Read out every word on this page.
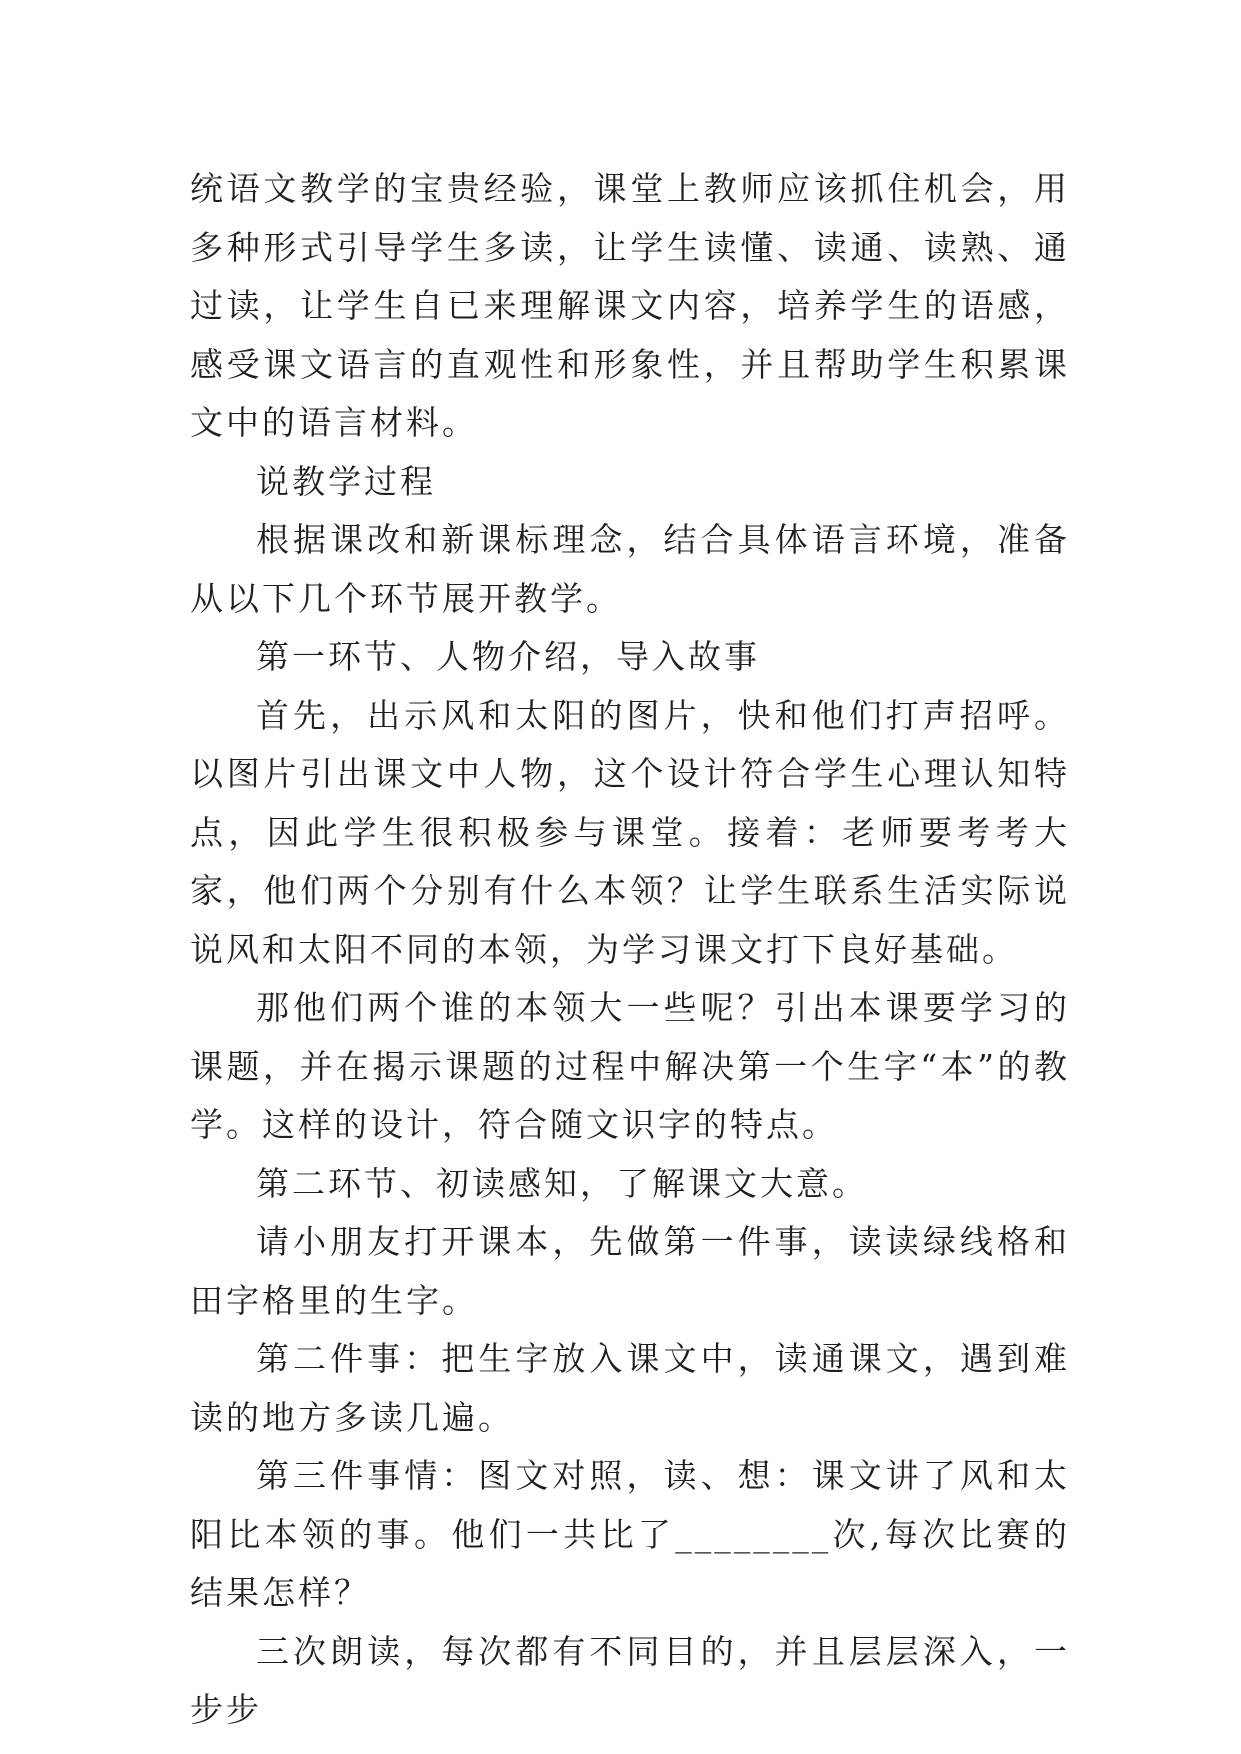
统语文教学的宝贵经验，课堂上教师应该抓住机会，用多种形式引导学生多读，让学生读懂、读通、读熟、通过读，让学生自已来理解课文内容，培养学生的语感，感受课文语言的直观性和形象性，并且帮助学生积累课文中的语言材料。

说教学过程

根据课改和新课标理念，结合具体语言环境，准备从以下几个环节展开教学。

第一环节、人物介绍，导入故事

首先，出示风和太阳的图片，快和他们打声招呼。以图片引出课文中人物，这个设计符合学生心理认知特点，因此学生很积极参与课堂。接着：老师要考考大家，他们两个分别有什么本领？让学生联系生活实际说说风和太阳不同的本领，为学习课文打下良好基础。

那他们两个谁的本领大一些呢？引出本课要学习的课题，并在揭示课题的过程中解决第一个生字“本”的教学。这样的设计，符合随文识字的特点。

第二环节、初读感知，了解课文大意。

请小朋友打开课本，先做第一件事，读读绿线格和田字格里的生字。

第二件事：把生字放入课文中，读通课文，遇到难读的地方多读几遍。

第三件事情：图文对照，读、想：课文讲了风和太阳比本领的事。他们一共比了________次,每次比赛的结果怎样？

三次朗读，每次都有不同目的，并且层层深入，一步步
